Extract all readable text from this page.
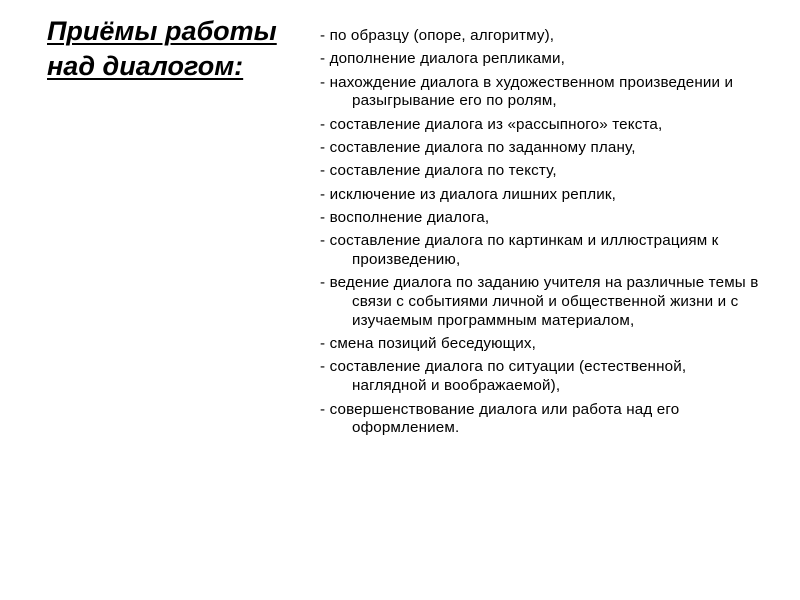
Приёмы работы над диалогом:
- по образцу (опоре, алгоритму),
- дополнение диалога репликами,
- нахождение диалога в художественном произведении и разыгрывание его по ролям,
- составление диалога из «рассыпного» текста,
- составление диалога по заданному плану,
- составление диалога по тексту,
- исключение из диалога лишних реплик,
- восполнение диалога,
- составление диалога по картинкам и иллюстрациям к произведению,
- ведение диалога по заданию учителя на различные темы в связи с событиями личной и общественной жизни и с изучаемым программным материалом,
- смена позиций беседующих,
- составление диалога по ситуации (естественной, наглядной и воображаемой),
- совершенствование диалога или работа над его оформлением.
